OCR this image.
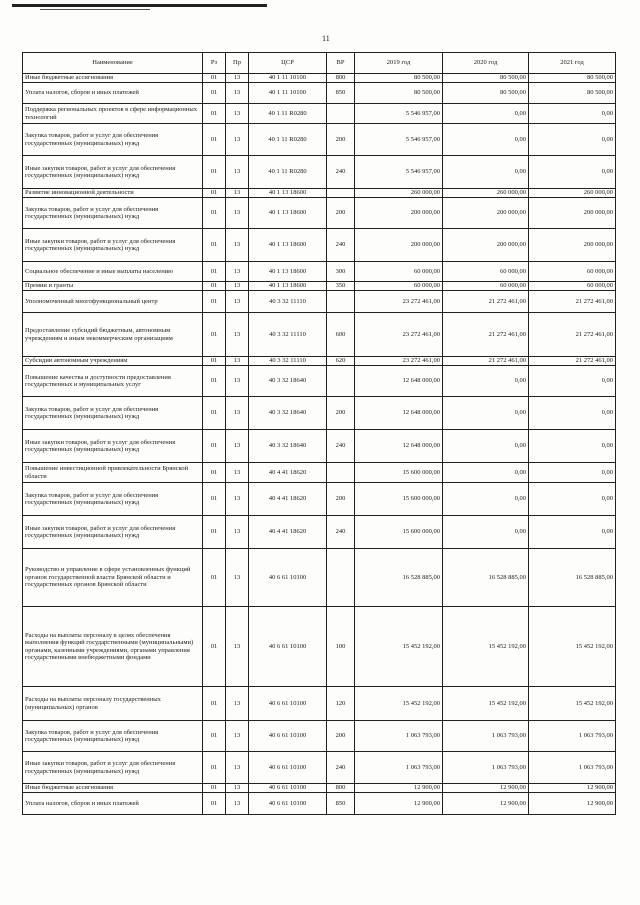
11
Наименование	Рз	Пр	ЦСР	ВР	2019 год	2020 год	2021 год
Иные бюджетные ассигнования	01	13	40 1 11 10100	800	80 500,00	80 500,00	80 500,00
Уплата налогов, сборов и иных платежей	01	13	40 1 11 10100	850	80 500,00	80 500,00	80 500,00
Поддержка региональных проектов в сфере информационных технологий	01	13	40 1 11 R0280		5 546 957,00	0,00	0,00
Закупка товаров, работ и услуг для обеспечения государственных (муниципальных) нужд	01	13	40 1 11 R0280	200	5 546 957,00	0,00	0,00
Иные закупки товаров, работ и услуг для обеспечения государственных (муниципальных) нужд	01	13	40 1 11 R0280	240	5 546 957,00	0,00	0,00
Развитие инновационной деятельности	01	13	40 1 13 18600		260 000,00	260 000,00	260 000,00
Закупка товаров, работ и услуг для обеспечения государственных (муниципальных) нужд	01	13	40 1 13 18600	200	200 000,00	200 000,00	200 000,00
Иные закупки товаров, работ и услуг для обеспечения государственных (муниципальных) нужд	01	13	40 1 13 18600	240	200 000,00	200 000,00	200 000,00
Социальное обеспечение и иные выплаты населению	01	13	40 1 13 18600	300	60 000,00	60 000,00	60 000,00
Премии и гранты	01	13	40 1 13 18600	350	60 000,00	60 000,00	60 000,00
Уполномоченный многофункциональный центр	01	13	40 3 32 11110		23 272 461,00	21 272 461,00	21 272 461,00
Предоставление субсидий бюджетным, автономным учреждениям и иным некоммерческим организациям	01	13	40 3 32 11110	600	23 272 461,00	21 272 461,00	21 272 461,00
Субсидии автономным учреждениям	01	13	40 3 32 11110	620	23 272 461,00	21 272 461,00	21 272 461,00
Повышение качества и доступности предоставления государственных и муниципальных услуг	01	13	40 3 32 18640		12 648 000,00	0,00	0,00
Закупка товаров, работ и услуг для обеспечения государственных (муниципальных) нужд	01	13	40 3 32 18640	200	12 648 000,00	0,00	0,00
Иные закупки товаров, работ и услуг для обеспечения государственных (муниципальных) нужд	01	13	40 3 32 18640	240	12 648 000,00	0,00	0,00
Повышение инвестиционной привлекательности Брянской области	01	13	40 4 41 18620		15 600 000,00	0,00	0,00
Закупка товаров, работ и услуг для обеспечения государственных (муниципальных) нужд	01	13	40 4 41 18620	200	15 600 000,00	0,00	0,00
Иные закупки товаров, работ и услуг для обеспечения государственных (муниципальных) нужд	01	13	40 4 41 18620	240	15 600 000,00	0,00	0,00
Руководство и управление в сфере установленных функций органов государственной власти Брянской области и государственных органов Брянской области	01	13	40 6 61 10100		16 528 885,00	16 528 885,00	16 528 885,00
Расходы на выплаты персоналу в целях обеспечения выполнения функций государственными (муниципальными) органами, казенными учреждениями, органами управления государственными внебюджетными фондами	01	13	40 6 61 10100	100	15 452 192,00	15 452 192,00	15 452 192,00
Расходы на выплаты персоналу государственных (муниципальных) органов	01	13	40 6 61 10100	120	15 452 192,00	15 452 192,00	15 452 192,00
Закупка товаров, работ и услуг для обеспечения государственных (муниципальных) нужд	01	13	40 6 61 10100	200	1 063 793,00	1 063 793,00	1 063 793,00
Иные закупки товаров, работ и услуг для обеспечения государственных (муниципальных) нужд	01	13	40 6 61 10100	240	1 063 793,00	1 063 793,00	1 063 793,00
Иные бюджетные ассигнования	01	13	40 6 61 10100	800	12 900,00	12 900,00	12 900,00
Уплата налогов, сборов и иных платежей	01	13	40 6 61 10100	850	12 900,00	12 900,00	12 900,00
